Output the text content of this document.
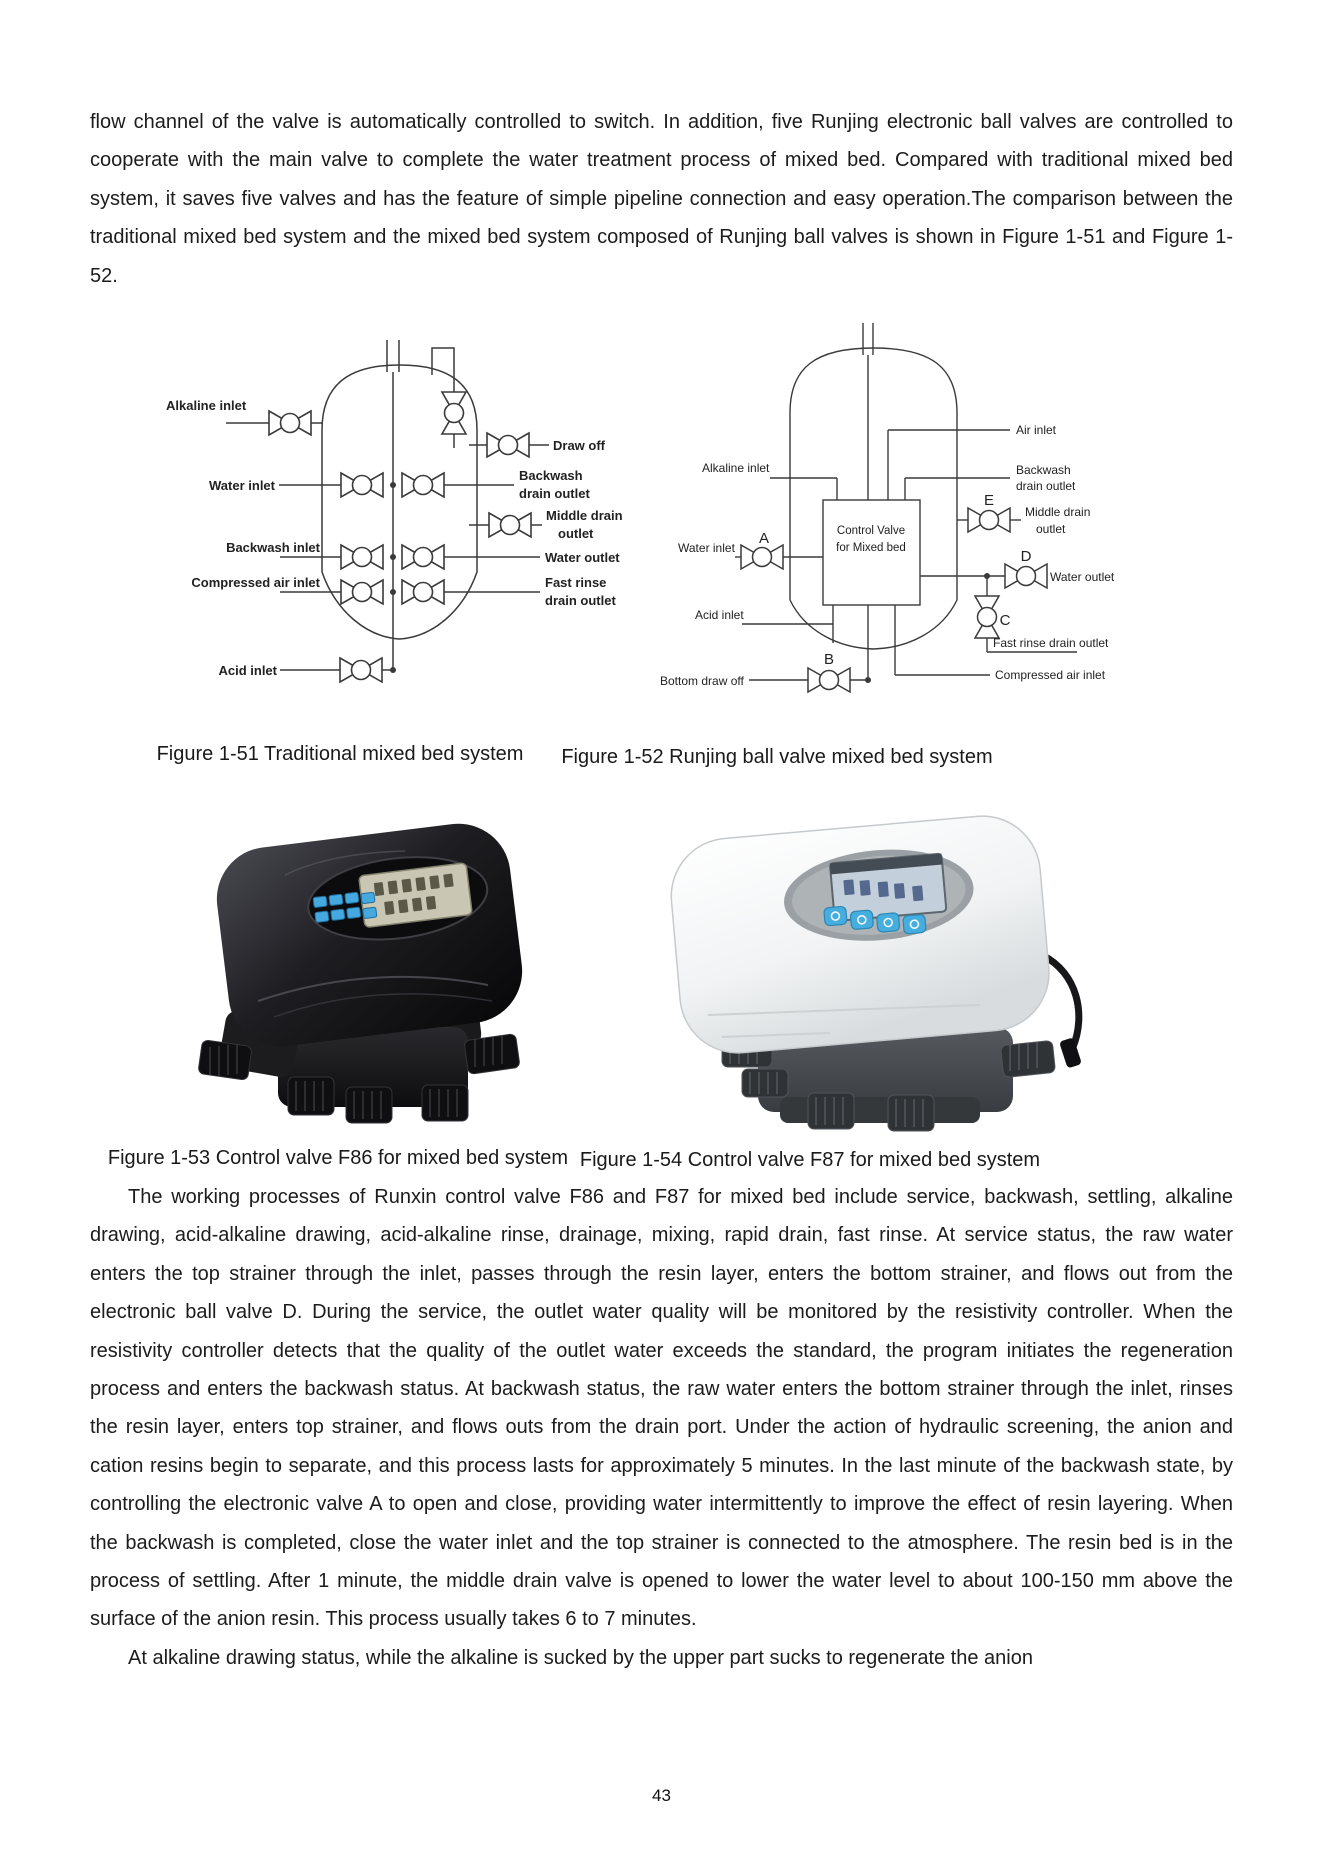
flow channel of the valve is automatically controlled to switch. In addition, five Runjing electronic ball valves are controlled to cooperate with the main valve to complete the water treatment process of mixed bed. Compared with traditional mixed bed system, it saves five valves and has the feature of simple pipeline connection and easy operation.The comparison between the traditional mixed bed system and the mixed bed system composed of Runjing ball valves is shown in Figure 1-51 and Figure 1-52.

Alkaline inlet
Water inlet
Backwash inlet
Compressed air inlet
Acid inlet
Draw off
Backwash
drain outlet
Middle drain
outlet
Water outlet
Fast rinse
drain outlet
Control Valve
for Mixed bed
Air inlet
Alkaline inlet	Backwash
drain outlet
Middle drain
outlet
Water inlet
Water outlet
Acid inlet
Fast rinse drain outlet
Bottom draw off	Compressed air inlet
A
B
C
D
E
Figure 1-51 Traditional mixed bed system	Figure 1-52 Runjing ball valve mixed bed system
Figure 1-53 Control valve F86 for mixed bed system Figure 1-54 Control valve F87 for mixed bed system

The working processes of Runxin control valve F86 and F87 for mixed bed include service, backwash, settling, alkaline drawing, acid-alkaline drawing, acid-alkaline rinse, drainage, mixing, rapid drain, fast rinse. At service status, the raw water enters the top strainer through the inlet, passes through the resin layer, enters the bottom strainer, and flows out from the electronic ball valve D. During the service, the outlet water quality will be monitored by the resistivity controller. When the resistivity controller detects that the quality of the outlet water exceeds the standard, the program initiates the regeneration process and enters the backwash status. At backwash status, the raw water enters the bottom strainer through the inlet, rinses the resin layer, enters top strainer, and flows outs from the drain port. Under the action of hydraulic screening, the anion and cation resins begin to separate, and this process lasts for approximately 5 minutes. In the last minute of the backwash state, by controlling the electronic valve A to open and close, providing water intermittently to improve the effect of resin layering. When the backwash is completed, close the water inlet and the top strainer is connected to the atmosphere. The resin bed is in the process of settling. After 1 minute, the middle drain valve is opened to lower the water level to about 100-150 mm above the surface of the anion resin. This process usually takes 6 to 7 minutes.

At alkaline drawing status, while the alkaline is sucked by the upper part sucks to regenerate the anion

43
